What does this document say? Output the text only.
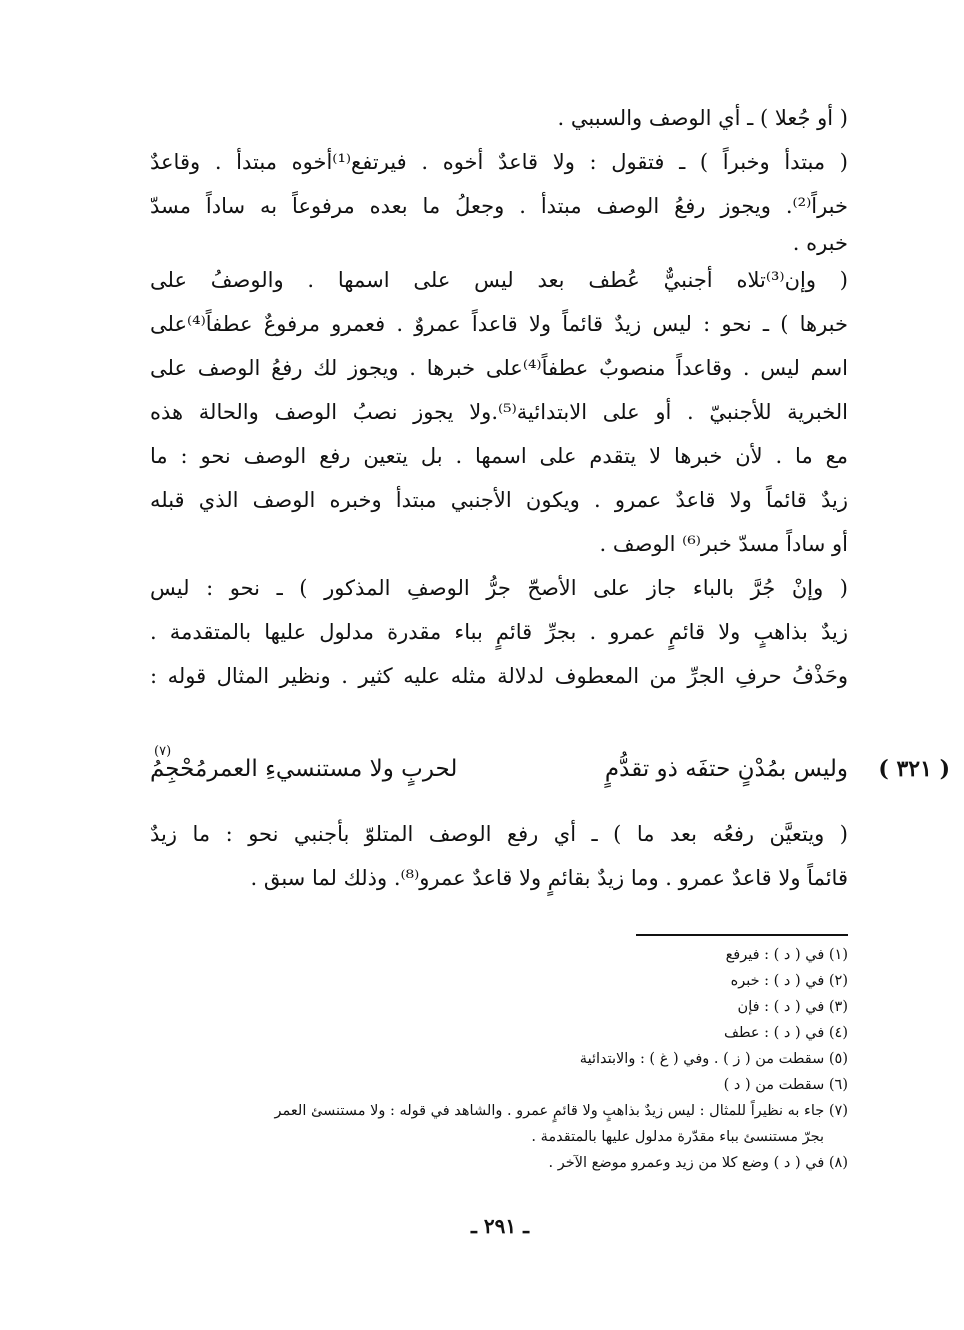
( أو جُعلا ) ـ أي الوصف والسببي .
( مبتدأ وخبراً ) ـ فتقول : ولا قاعدٌ أخوه . فيرتفع⁽¹⁾أخوه مبتدأ . وقاعدٌ
خبراً⁽²⁾. ويجوز رفعُ الوصف مبتدأ . وجعلُ ما بعده مرفوعاً به ساداً مسدّ
خبره .
( وإن⁽³⁾تلاه أجنبيٌّ عُطف بعد ليس على اسمها . والوصفُ على
خبرها ) ـ نحو : ليس زيدٌ قائماً ولا قاعداً عمروٌ . فعمرو مرفوعٌ عطفاً⁽⁴⁾على
اسم ليس . وقاعداً منصوبٌ عطفاً⁽⁴⁾على خبرها . ويجوز لك رفعُ الوصف على
الخبرية للأجنبيّ . أو على الابتدائية⁽⁵⁾.ولا يجوز نصبُ الوصف والحالة هذه
مع ما . لأن خبرها لا يتقدم على اسمها . بل يتعين رفع الوصف نحو : ما
زيدٌ قائماً ولا قاعدٌ عمرو . ويكون الأجنبي مبتدأ وخبره الوصف الذي قبله
أو ساداً مسدّ خبر⁽⁶⁾ الوصف .
( وإنْ جُرَّ بالباء جاز على الأصحّ جرُّ الوصفِ المذكور ) ـ نحو : ليس
زيدٌ بذاهبٍ ولا قائمٍ عمرو . بجرِّ قائمٍ بباء مقدرة مدلول عليها بالمتقدمة .
وحَذْفُ حرفِ الجرِّ من المعطوف لدلالة مثله عليه كثير . ونظير المثال قوله :
( ٣٢١ )
وليس بمُدْنٍ حتفَه ذو تقدُّمٍ
لحربٍ ولا مستنسيءِ العمرمُحْجِمُ
(٧)
( ويتعيَّن رفعُه بعد ما ) ـ أي رفع الوصف المتلوّ بأجنبي نحو : ما زيدٌ
قائماً ولا قاعدٌ عمرو . وما زيدٌ بقائمٍ ولا قاعدٌ عمرو⁽⁸⁾. وذلك لما سبق .
(١) في ( د ) : فيرفع
(٢) في ( د ) : خبره
(٣) في ( د ) : فإن
(٤) في ( د ) : عطف
(٥) سقطت من ( ز ) . وفي ( غ ) : والابتدائية
(٦) سقطت من ( د )
(٧) جاء به نظيراً للمثال : ليس زيدٌ بذاهبٍ ولا قائمٍ عمرو . والشاهد في قوله : ولا مستنسئ العمر
بجرّ مستنسئ بباء مقدّرة مدلول عليها بالمتقدمة .
(٨) في ( د ) وضع كلا من زيد وعمرو موضع الآخر .
ـ ٢٩١ ـ
